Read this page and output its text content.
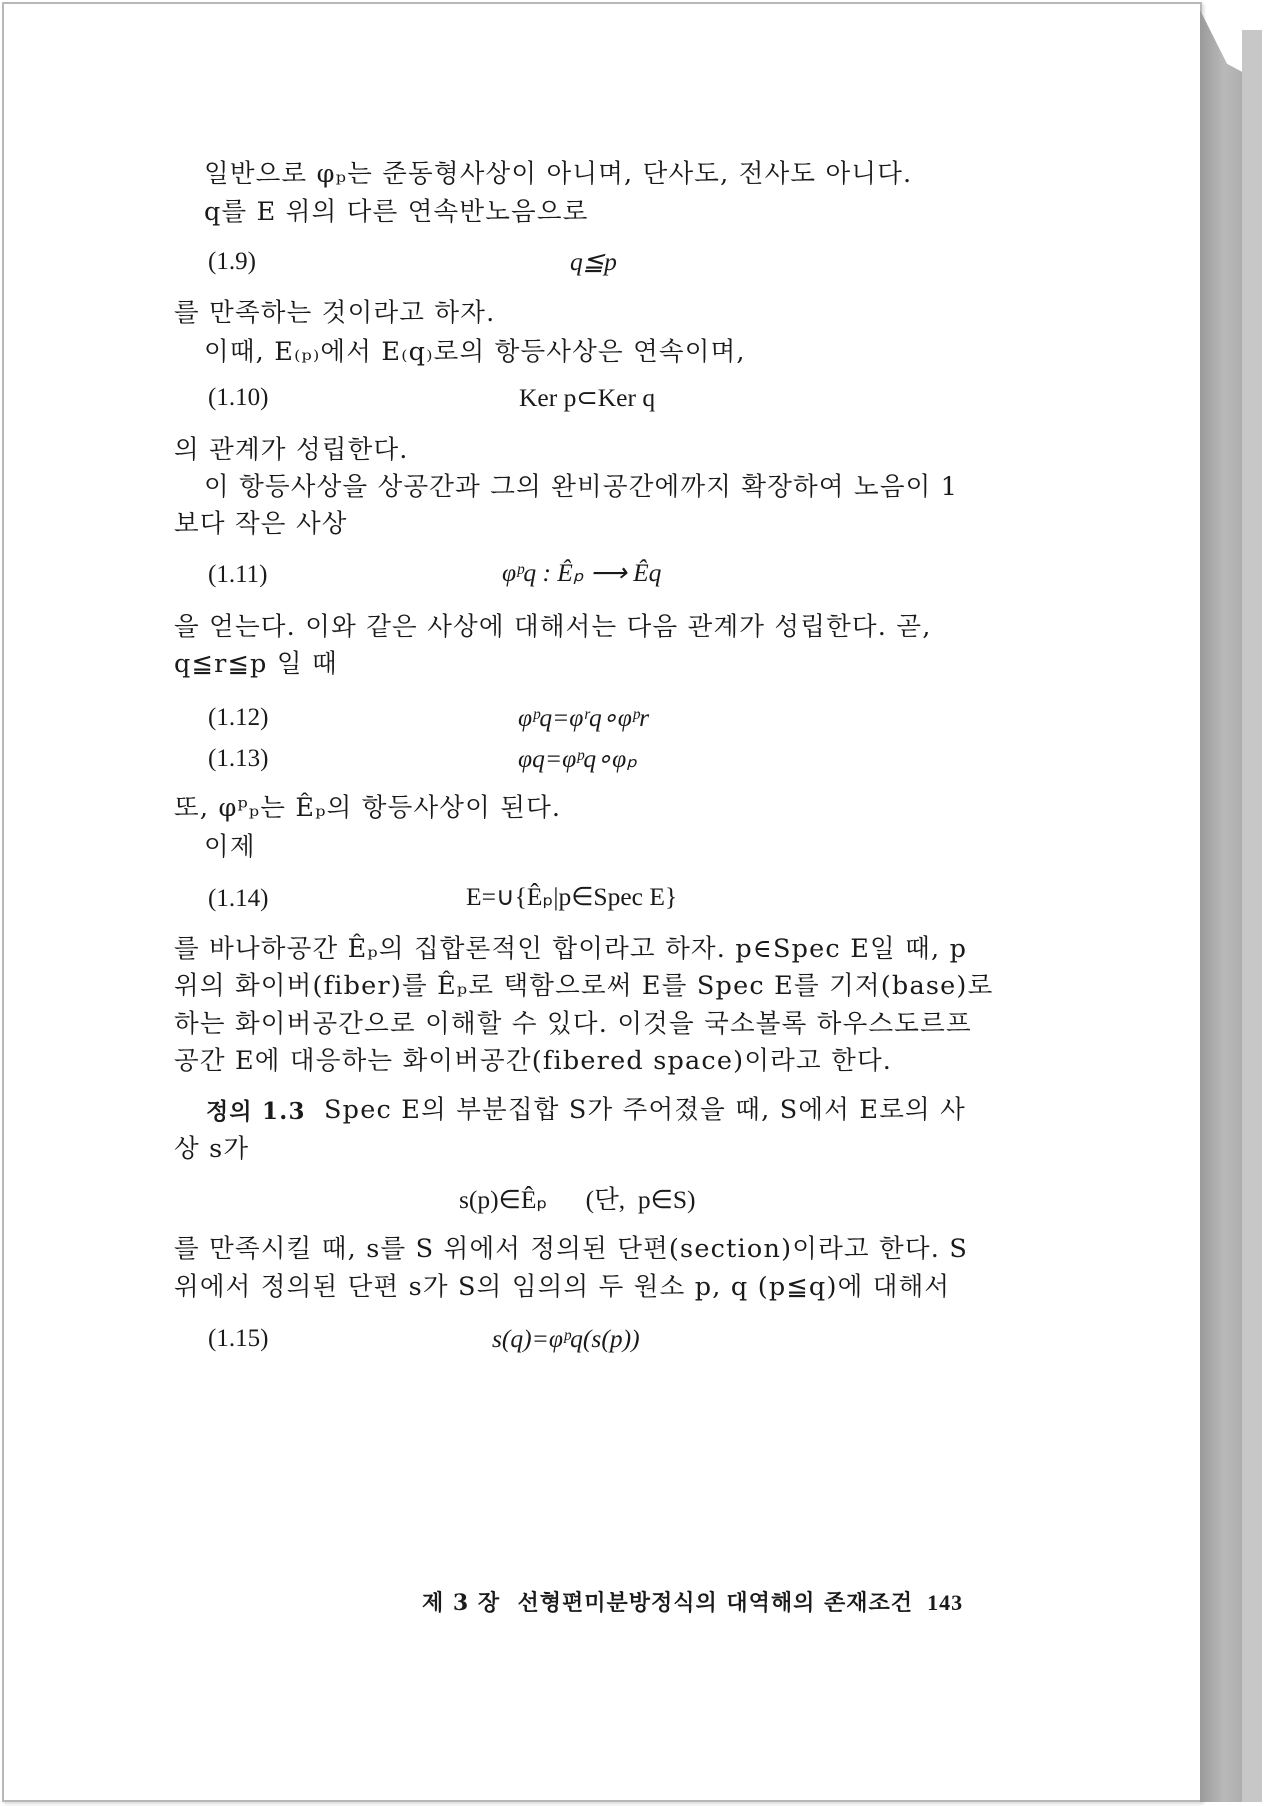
일반으로 φₚ는 준동형사상이 아니며, 단사도, 전사도 아니다.
q를 E 위의 다른 연속반노음으로
(1.9)	q≦p
를 만족하는 것이라고 하자.
이때, E₍ₚ₎에서 E₍q₎로의 항등사상은 연속이며,
(1.10)	Ker p⊂Ker q
의 관계가 성립한다.
이 항등사상을 상공간과 그의 완비공간에까지 확장하여 노음이 1
보다 작은 사상
(1.11)	φᵖq : Êₚ ⟶ Êq
을 얻는다. 이와 같은 사상에 대해서는 다음 관계가 성립한다. 곧,
q≦r≦p 일 때
(1.12)	φᵖq=φʳq∘φᵖr
(1.13)	φq=φᵖq∘φₚ
또, φᵖₚ는 Êₚ의 항등사상이 된다.
이제
(1.14)	E=∪{Êₚ|p∈Spec E}
를 바나하공간 Êₚ의 집합론적인 합이라고 하자. p∈Spec E일 때, p
위의 화이버(fiber)를 Êₚ로 택함으로써 E를 Spec E를 기저(base)로
하는 화이버공간으로 이해할 수 있다. 이것을 국소볼록 하우스도르프
공간 E에 대응하는 화이버공간(fibered space)이라고 한다.
정의 1.3 Spec E의 부분집합 S가 주어졌을 때, S에서 E로의 사
상 s가
s(p)∈Êₚ      (단,  p∈S)
를 만족시킬 때, s를 S 위에서 정의된 단편(section)이라고 한다. S
위에서 정의된 단편 s가 S의 임의의 두 원소 p, q (p≦q)에 대해서
(1.15)	s(q)=φᵖq(s(p))
제 3 장  선형편미분방정식의 대역해의 존재조건 143
